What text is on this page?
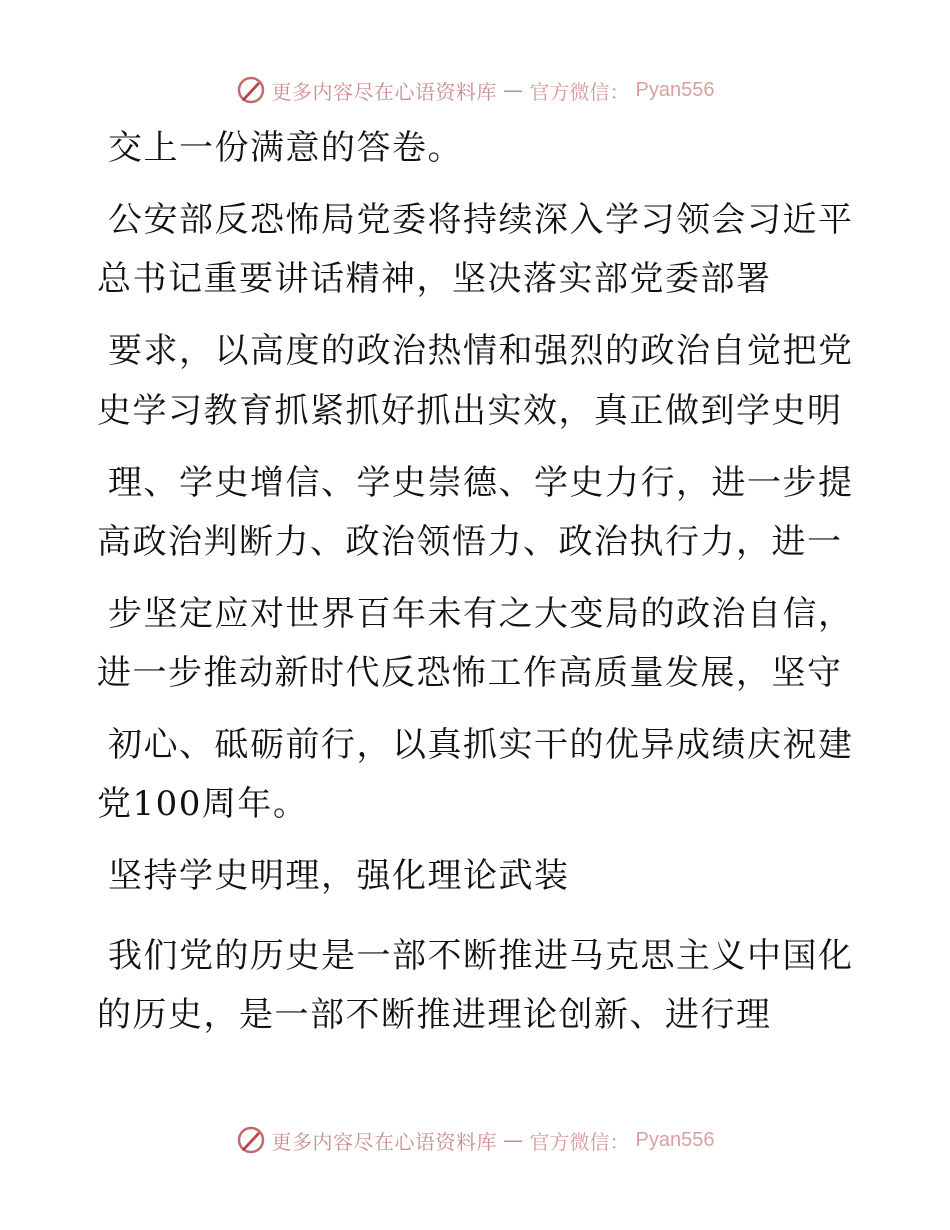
更多内容尽在心语资料库 — 官方微信： Pyan556
交上一份满意的答卷。
公安部反恐怖局党委将持续深入学习领会习近平
总书记重要讲话精神，坚决落实部党委部署
要求，以高度的政治热情和强烈的政治自觉把党
史学习教育抓紧抓好抓出实效，真正做到学史明
理、学史增信、学史崇德、学史力行，进一步提
高政治判断力、政治领悟力、政治执行力，进一
步坚定应对世界百年未有之大变局的政治自信，
进一步推动新时代反恐怖工作高质量发展，坚守
初心、砥砺前行，以真抓实干的优异成绩庆祝建
党100周年。
坚持学史明理，强化理论武装
我们党的历史是一部不断推进马克思主义中国化
的历史，是一部不断推进理论创新、进行理
更多内容尽在心语资料库 — 官方微信： Pyan556
